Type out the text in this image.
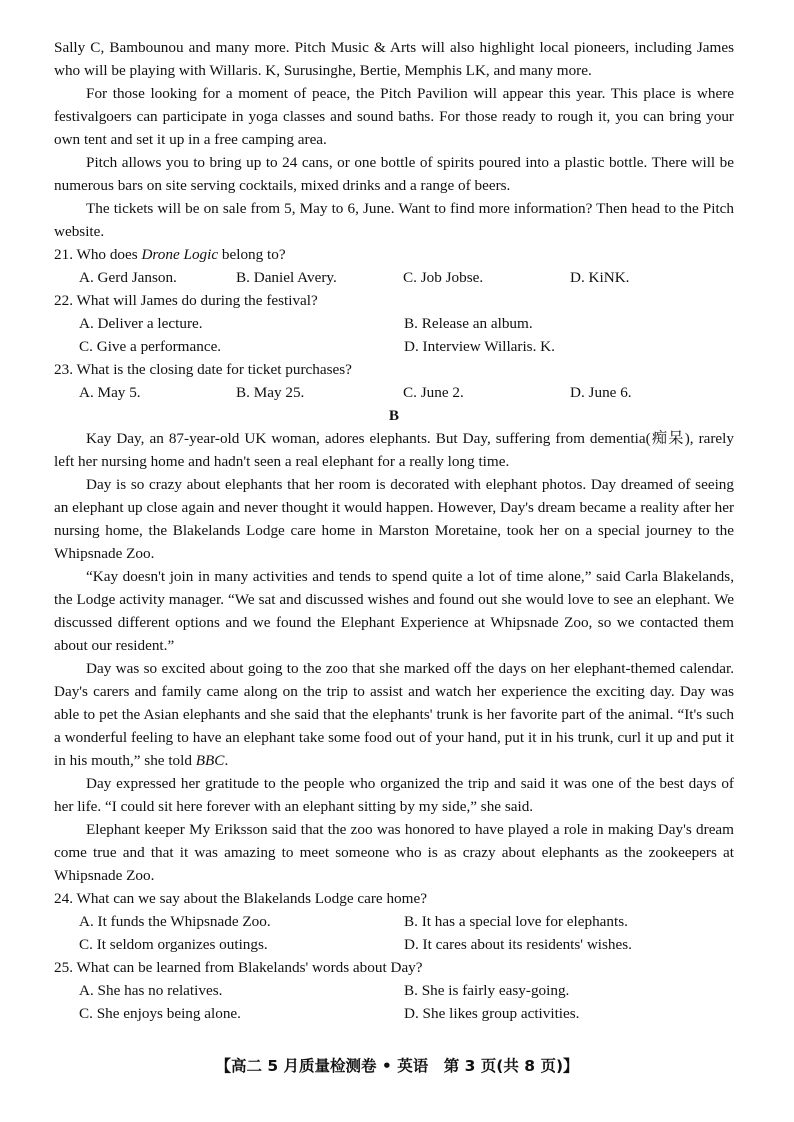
Sally C, Bambounou and many more. Pitch Music & Arts will also highlight local pioneers, including James who will be playing with Willaris. K, Surusinghe, Bertie, Memphis LK, and many more.

For those looking for a moment of peace, the Pitch Pavilion will appear this year. This place is where festivalgoers can participate in yoga classes and sound baths. For those ready to rough it, you can bring your own tent and set it up in a free camping area.

Pitch allows you to bring up to 24 cans, or one bottle of spirits poured into a plastic bottle. There will be numerous bars on site serving cocktails, mixed drinks and a range of beers.

The tickets will be on sale from 5, May to 6, June. Want to find more information? Then head to the Pitch website.

21. Who does Drone Logic belong to?

A. Gerd Janson.	B. Daniel Avery.	C. Job Jobse.	D. KiNK.

22. What will James do during the festival?

A. Deliver a lecture.	B. Release an album.
C. Give a performance.	D. Interview Willaris. K.

23. What is the closing date for ticket purchases?

A. May 5.	B. May 25.	C. June 2.	D. June 6.

B

Kay Day, an 87-year-old UK woman, adores elephants. But Day, suffering from dementia(痴呆), rarely left her nursing home and hadn't seen a real elephant for a really long time.

Day is so crazy about elephants that her room is decorated with elephant photos. Day dreamed of seeing an elephant up close again and never thought it would happen. However, Day's dream became a reality after her nursing home, the Blakelands Lodge care home in Marston Moretaine, took her on a special journey to the Whipsnade Zoo.

“Kay doesn't join in many activities and tends to spend quite a lot of time alone,” said Carla Blakelands, the Lodge activity manager. “We sat and discussed wishes and found out she would love to see an elephant. We discussed different options and we found the Elephant Experience at Whipsnade Zoo, so we contacted them about our resident.”

Day was so excited about going to the zoo that she marked off the days on her elephant-themed calendar. Day's carers and family came along on the trip to assist and watch her experience the exciting day. Day was able to pet the Asian elephants and she said that the elephants' trunk is her favorite part of the animal. “It's such a wonderful feeling to have an elephant take some food out of your hand, put it in his trunk, curl it up and put it in his mouth,” she told BBC.

Day expressed her gratitude to the people who organized the trip and said it was one of the best days of her life. “I could sit here forever with an elephant sitting by my side,” she said.

Elephant keeper My Eriksson said that the zoo was honored to have played a role in making Day's dream come true and that it was amazing to meet someone who is as crazy about elephants as the zookeepers at Whipsnade Zoo.

24. What can we say about the Blakelands Lodge care home?

A. It funds the Whipsnade Zoo.	B. It has a special love for elephants.
C. It seldom organizes outings.	D. It cares about its residents' wishes.

25. What can be learned from Blakelands' words about Day?

A. She has no relatives.	B. She is fairly easy-going.
C. She enjoys being alone.	D. She likes group activities.
【高二 5 月质量检测卷 • 英语　第 3 页(共 8 页)】
